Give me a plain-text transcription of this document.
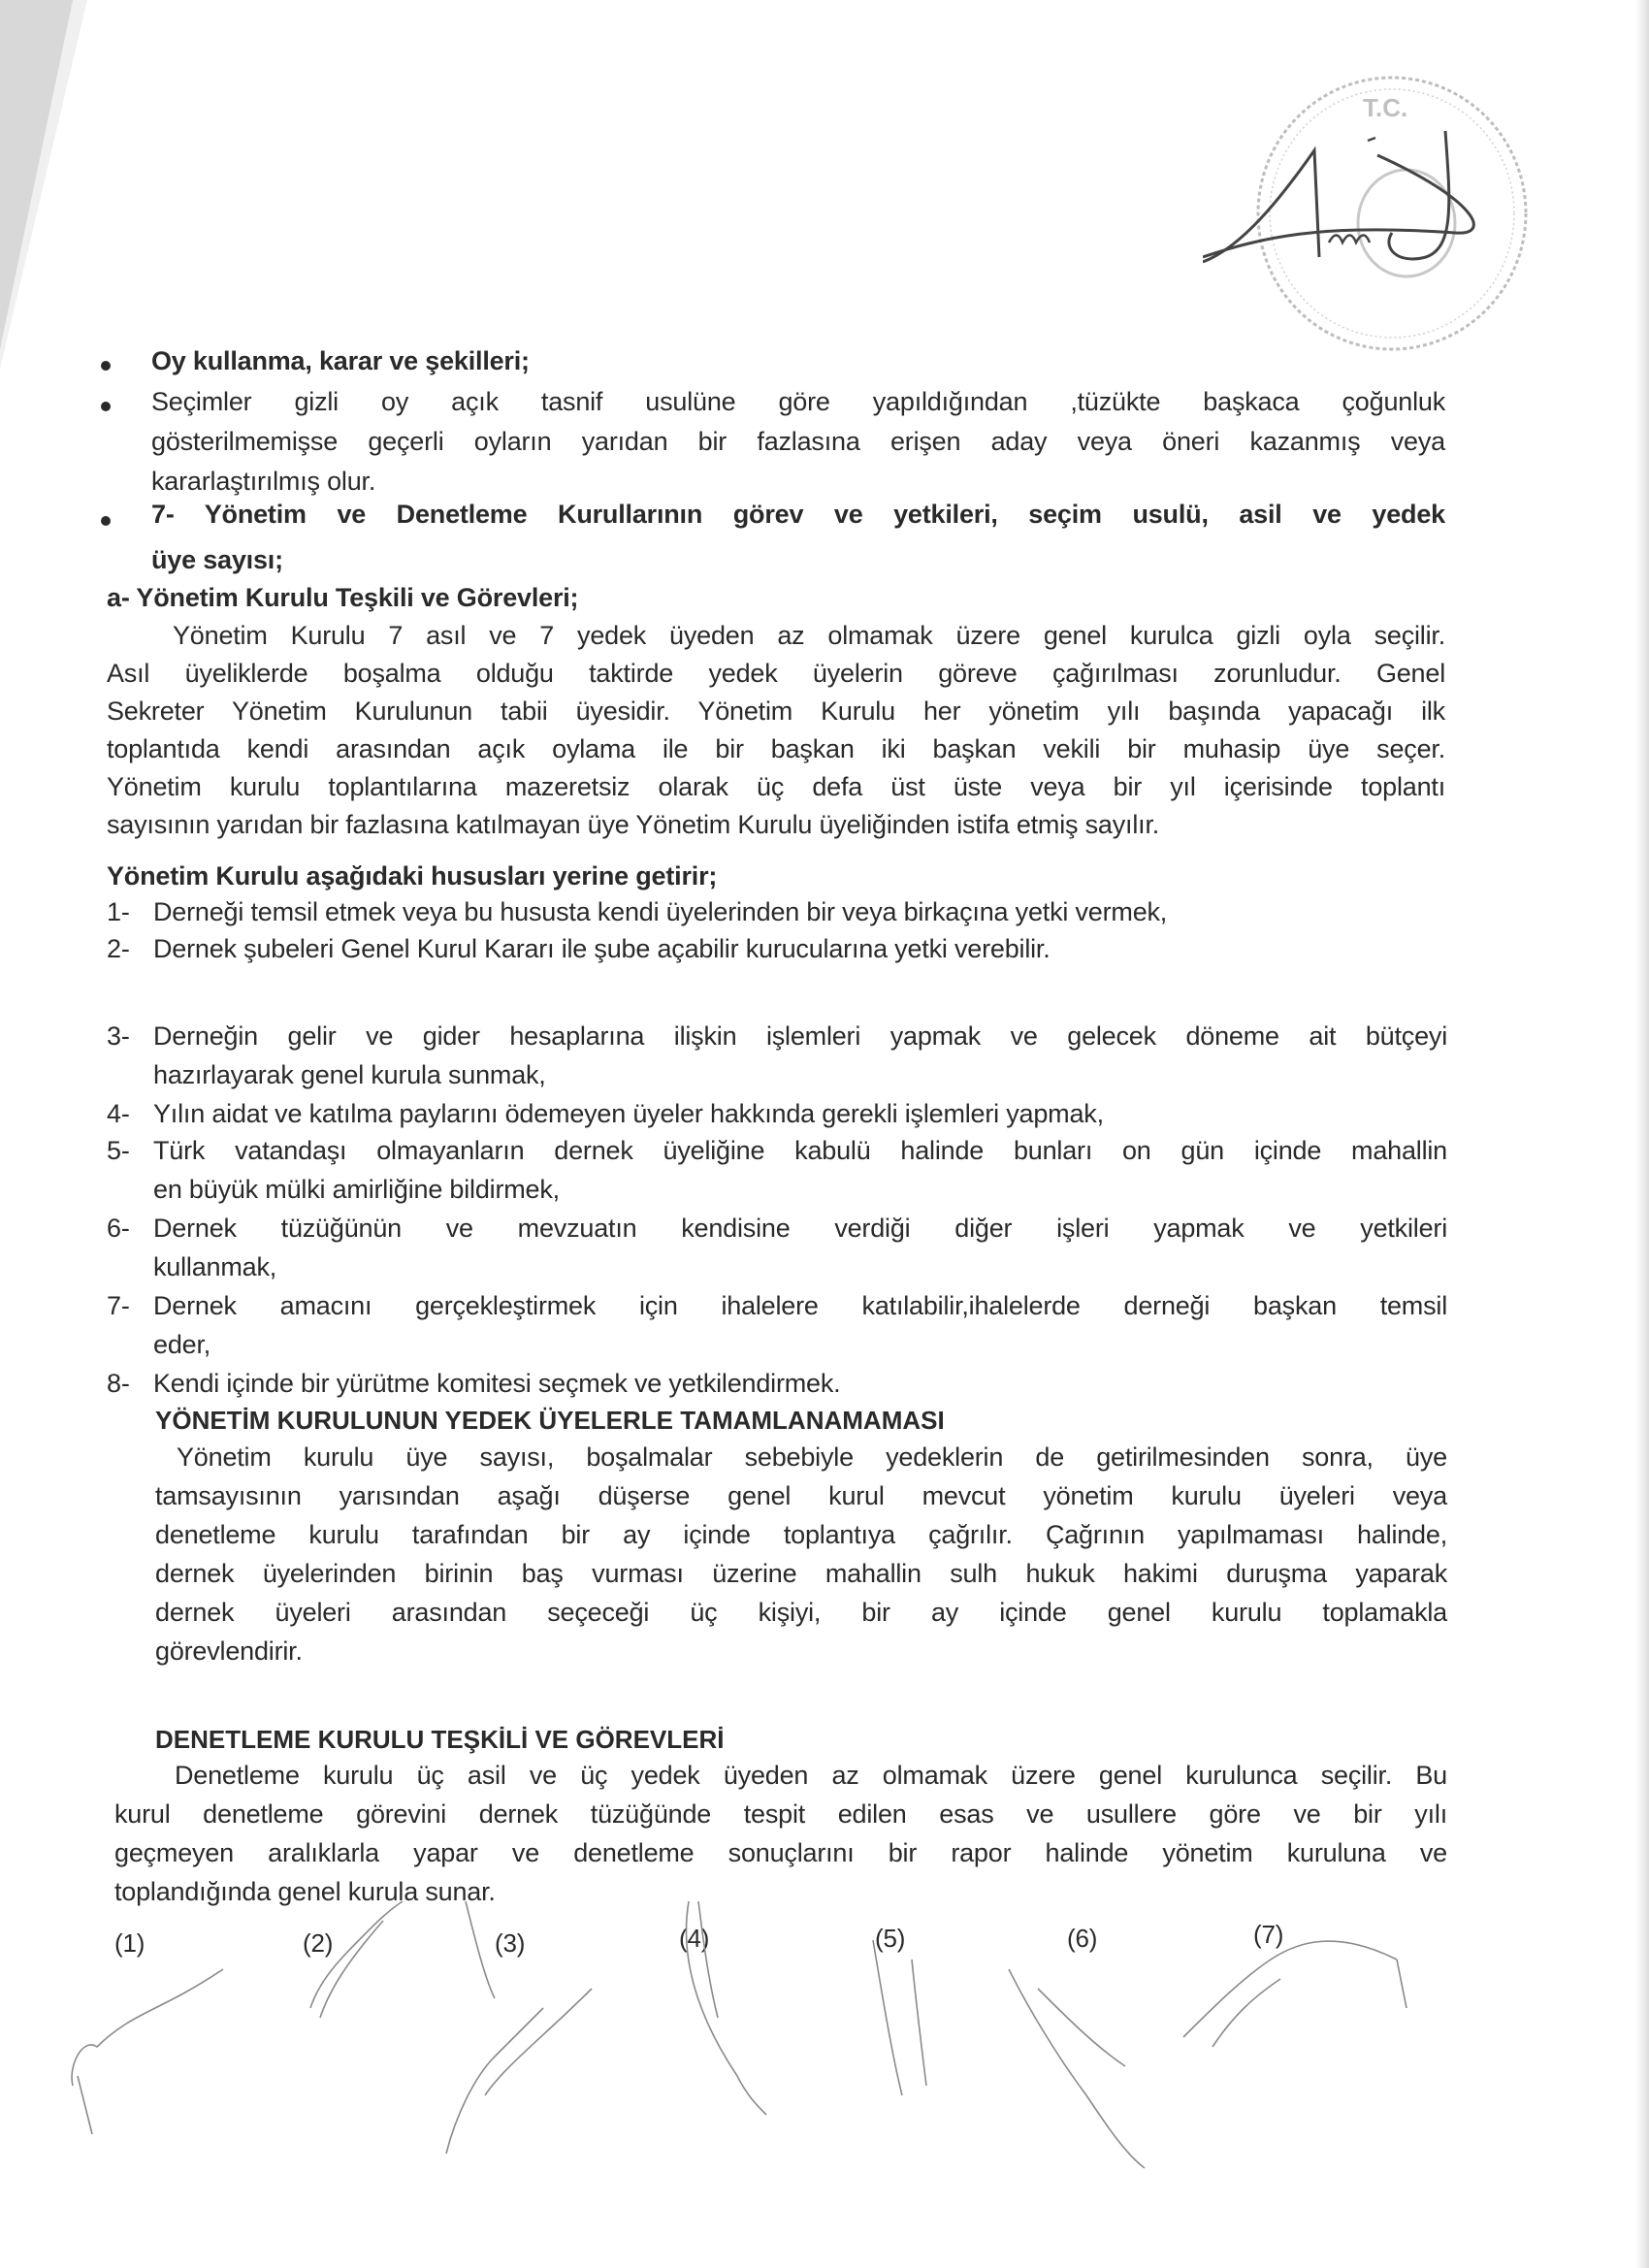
T.C.
Oy kullanma, karar ve şekilleri;
Seçimler gizli oy açık tasnif usulüne göre yapıldığından ,tüzükte başkaca çoğunluk
gösterilmemişse geçerli oyların yarıdan bir fazlasına erişen aday veya öneri kazanmış veya
kararlaştırılmış olur.
7- Yönetim ve Denetleme Kurullarının görev ve yetkileri, seçim usulü, asil ve yedek
üye sayısı;
a- Yönetim Kurulu Teşkili ve Görevleri;
Yönetim Kurulu 7 asıl ve 7 yedek üyeden az olmamak üzere genel kurulca gizli oyla seçilir.
Asıl üyeliklerde boşalma olduğu taktirde yedek üyelerin göreve çağırılması zorunludur. Genel
Sekreter Yönetim Kurulunun tabii üyesidir. Yönetim Kurulu her yönetim yılı başında yapacağı ilk
toplantıda kendi arasından açık oylama ile bir başkan iki başkan vekili bir muhasip üye seçer.
Yönetim kurulu toplantılarına mazeretsiz olarak üç defa üst üste veya bir yıl içerisinde toplantı
sayısının yarıdan bir fazlasına katılmayan üye Yönetim Kurulu üyeliğinden istifa etmiş sayılır.
Yönetim Kurulu aşağıdaki hususları yerine getirir;
1- Derneği temsil etmek veya bu hususta kendi üyelerinden bir veya birkaçına yetki vermek,
2- Dernek şubeleri Genel Kurul Kararı ile şube açabilir kurucularına yetki verebilir.
3- Derneğin gelir ve gider hesaplarına ilişkin işlemleri yapmak ve gelecek döneme ait bütçeyi
hazırlayarak genel kurula sunmak,
4- Yılın aidat ve katılma paylarını ödemeyen üyeler hakkında gerekli işlemleri yapmak,
5- Türk vatandaşı olmayanların dernek üyeliğine kabulü halinde bunları on gün içinde mahallin
en büyük mülki amirliğine bildirmek,
6- Dernek tüzüğünün ve mevzuatın kendisine verdiği diğer işleri yapmak ve yetkileri
kullanmak,
7- Dernek amacını gerçekleştirmek için ihalelere katılabilir,ihalelerde derneği başkan temsil
eder,
8- Kendi içinde bir yürütme komitesi seçmek ve yetkilendirmek.
YÖNETİM KURULUNUN YEDEK ÜYELERLE TAMAMLANAMAMASI
Yönetim kurulu üye sayısı, boşalmalar sebebiyle yedeklerin de getirilmesinden sonra, üye
tamsayısının yarısından aşağı düşerse genel kurul mevcut yönetim kurulu üyeleri veya
denetleme kurulu tarafından bir ay içinde toplantıya çağrılır. Çağrının yapılmaması halinde,
dernek üyelerinden birinin baş vurması üzerine mahallin sulh hukuk hakimi duruşma yaparak
dernek üyeleri arasından seçeceği üç kişiyi, bir ay içinde genel kurulu toplamakla
görevlendirir.
DENETLEME KURULU TEŞKİLİ VE GÖREVLERİ
Denetleme kurulu üç asil ve üç yedek üyeden az olmamak üzere genel kurulunca seçilir. Bu
kurul denetleme görevini dernek tüzüğünde tespit edilen esas ve usullere göre ve bir yılı
geçmeyen aralıklarla yapar ve denetleme sonuçlarını bir rapor halinde yönetim kuruluna ve
toplandığında genel kurula sunar.
(1)	(2)	(3)	(4)	(5)	(6)	(7)
